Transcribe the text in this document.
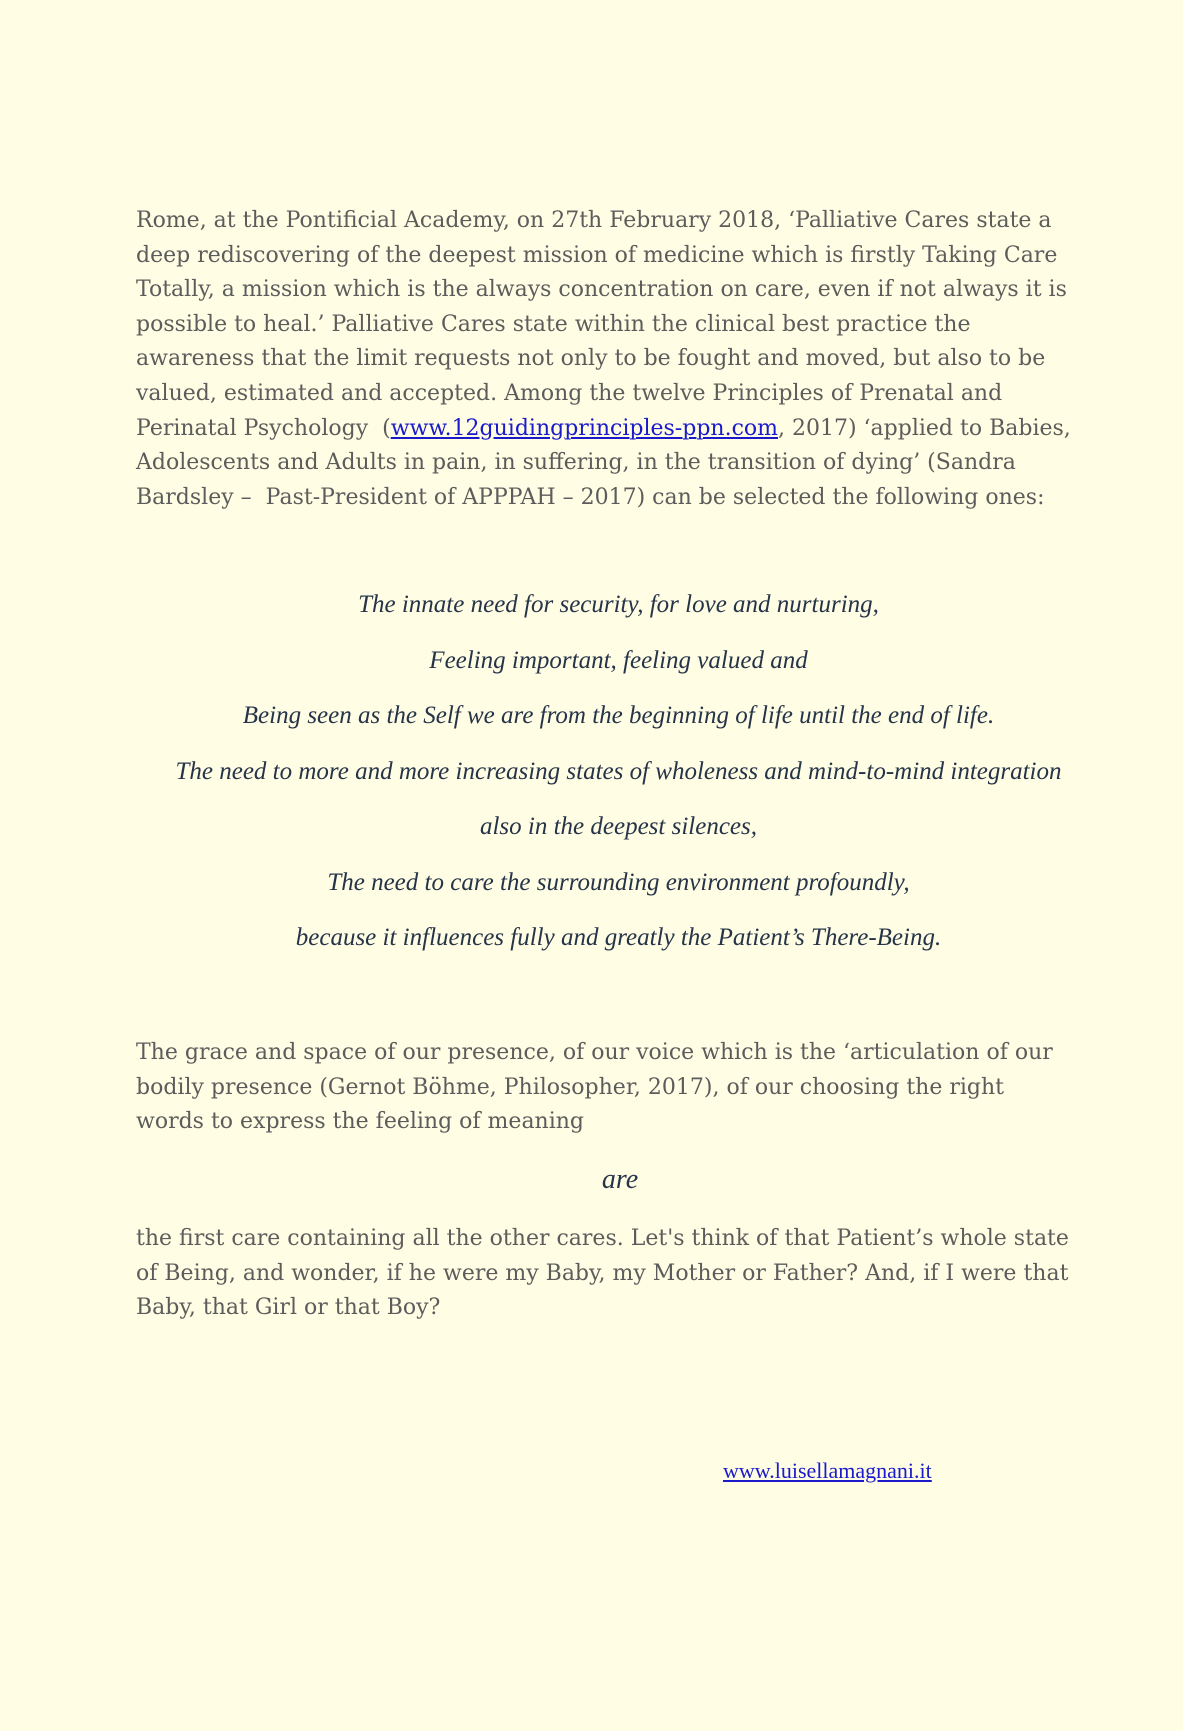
Rome, at the Pontificial Academy, on 27th February 2018, ‘Palliative Cares state a deep rediscovering of the deepest mission of medicine which is firstly Taking Care Totally, a mission which is the always concentration on care, even if not always it is possible to heal.’ Palliative Cares state within the clinical best practice the awareness that the limit requests not only to be fought and moved, but also to be valued, estimated and accepted. Among the twelve Principles of Prenatal and Perinatal Psychology  (www.12guidingprinciples-ppn.com, 2017) ‘applied to Babies, Adolescents and Adults in pain, in suffering, in the transition of dying’ (Sandra Bardsley –  Past-President of APPPAH – 2017) can be selected the following ones:

The innate need for security, for love and nurturing,
Feeling important, feeling valued and
Being seen as the Self we are from the beginning of life until the end of life.
The need to more and more increasing states of wholeness and mind-to-mind integration
also in the deepest silences,
The need to care the surrounding environment profoundly,
because it influences fully and greatly the Patient’s There-Being.

The grace and space of our presence, of our voice which is the ‘articulation of our bodily presence (Gernot Böhme, Philosopher, 2017), of our choosing the right words to express the feeling of meaning

are

the first care containing all the other cares. Let's think of that Patient’s whole state of Being, and wonder, if he were my Baby, my Mother or Father? And, if I were that Baby, that Girl or that Boy?

www.luisellamagnani.it
